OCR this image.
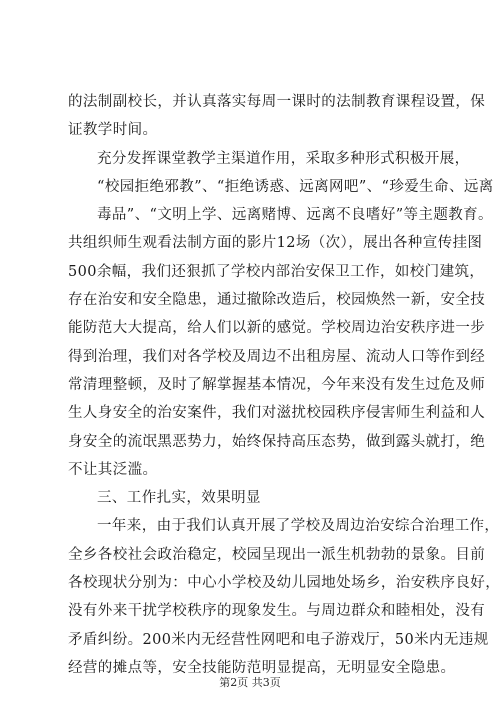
的法制副校长，并认真落实每周一课时的法制教育课程设置，保
证教学时间。
充分发挥课堂教学主渠道作用，采取多种形式积极开展，
“校园拒绝邪教”、“拒绝诱惑、远离网吧”、“珍爱生命、远离
毒品”、“文明上学、远离赌博、远离不良嗜好”等主题教育。
共组织师生观看法制方面的影片12场（次），展出各种宣传挂图
500余幅，我们还狠抓了学校内部治安保卫工作，如校门建筑，
存在治安和安全隐患，通过撤除改造后，校园焕然一新，安全技
能防范大大提高，给人们以新的感觉。学校周边治安秩序进一步
得到治理，我们对各学校及周边不出租房屋、流动人口等作到经
常清理整顿，及时了解掌握基本情况，今年来没有发生过危及师
生人身安全的治安案件，我们对滋扰校园秩序侵害师生利益和人
身安全的流氓黑恶势力，始终保持高压态势，做到露头就打，绝
不让其泛滥。
三、工作扎实，效果明显
一年来，由于我们认真开展了学校及周边治安综合治理工作，
全乡各校社会政治稳定，校园呈现出一派生机勃勃的景象。目前
各校现状分别为：中心小学校及幼儿园地处场乡，治安秩序良好，
没有外来干扰学校秩序的现象发生。与周边群众和睦相处，没有
矛盾纠纷。200米内无经营性网吧和电子游戏厅，50米内无违规
经营的摊点等，安全技能防范明显提高，无明显安全隐患。
第2页 共3页
